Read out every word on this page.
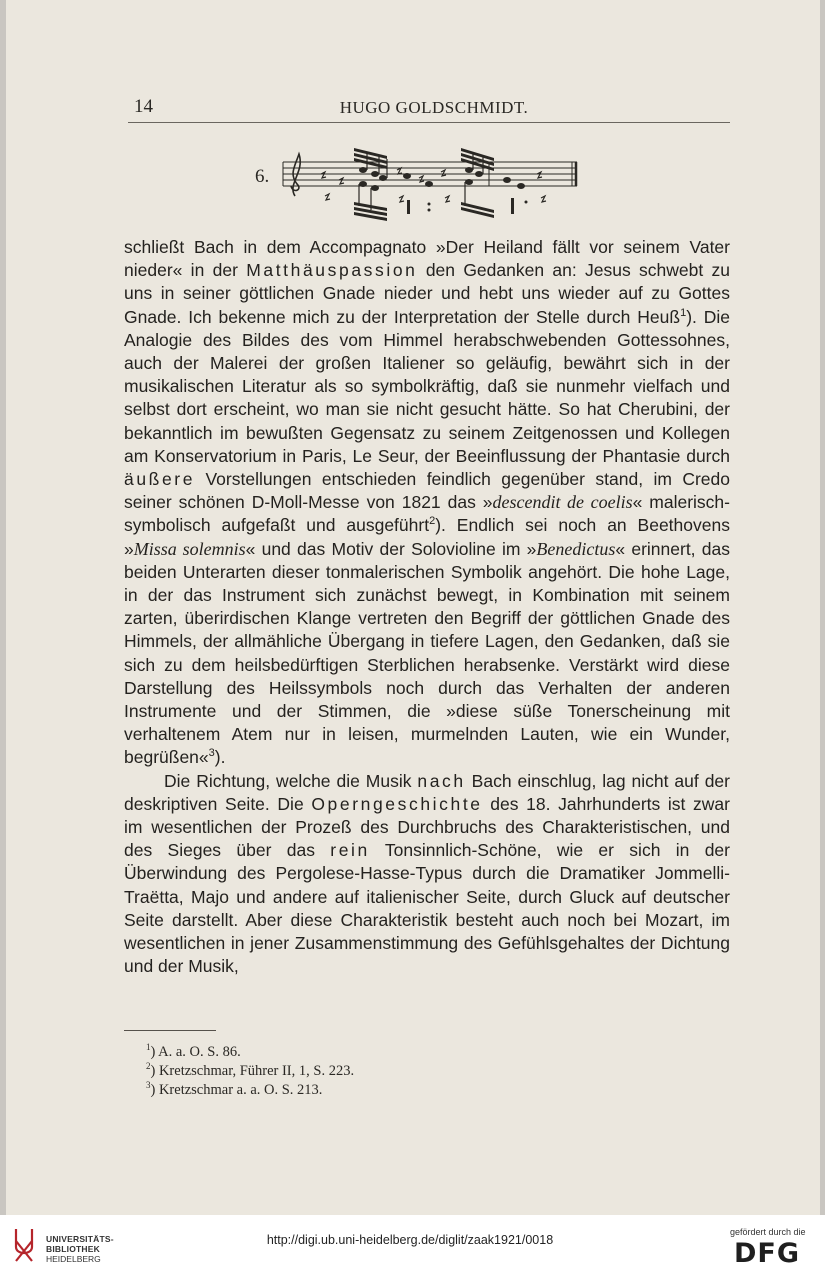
14	HUGO GOLDSCHMIDT.
6.

schließt Bach in dem Accompagnato »Der Heiland fällt vor seinem Vater nieder« in der Matthäuspassion den Gedanken an: Jesus schwebt zu uns in seiner göttlichen Gnade nieder und hebt uns wieder auf zu Gottes Gnade. Ich bekenne mich zu der Interpretation der Stelle durch Heuß$^1$). Die Analogie des Bildes des vom Himmel herabschwebenden Gottessohnes, auch der Malerei der großen Italiener so geläufig, bewährt sich in der musikalischen Literatur als so symbolkräftig, daß sie nunmehr vielfach und selbst dort erscheint, wo man sie nicht gesucht hätte. So hat Cherubini, der bekanntlich im bewußten Gegensatz zu seinem Zeitgenossen und Kollegen am Konservatorium in Paris, Le Seur, der Beeinflussung der Phantasie durch äußere Vorstellungen entschieden feindlich gegenüber stand, im Credo seiner schönen D-Moll-Messe von 1821 das »descendit de coelis« malerisch-symbolisch aufgefaßt und ausgeführt$^2$). Endlich sei noch an Beethovens »Missa solemnis« und das Motiv der Solovioline im »Benedictus« erinnert, das beiden Unterarten dieser tonmalerischen Symbolik angehört. Die hohe Lage, in der das Instrument sich zunächst bewegt, in Kombination mit seinem zarten, überirdischen Klange vertreten den Begriff der göttlichen Gnade des Himmels, der allmähliche Übergang in tiefere Lagen, den Gedanken, daß sie sich zu dem heilsbedürftigen Sterblichen herabsenke. Verstärkt wird diese Darstellung des Heilssymbols noch durch das Verhalten der anderen Instrumente und der Stimmen, die »diese süße Tonerscheinung mit verhaltenem Atem nur in leisen, murmelnden Lauten, wie ein Wunder, begrüßen«$^3$).

Die Richtung, welche die Musik nach Bach einschlug, lag nicht auf der deskriptiven Seite. Die Operngeschichte des 18. Jahrhunderts ist zwar im wesentlichen der Prozeß des Durchbruchs des Charakteristischen, und des Sieges über das rein Tonsinnlich-Schöne, wie er sich in der Überwindung des Pergolese-Hasse-Typus durch die Dramatiker Jommelli-Traëtta, Majo und andere auf italienischer Seite, durch Gluck auf deutscher Seite darstellt. Aber diese Charakteristik besteht auch noch bei Mozart, im wesentlichen in jener Zusammenstimmung des Gefühlsgehaltes der Dichtung und der Musik,

$^1$) A. a. O. S. 86.
$^2$) Kretzschmar, Führer II, 1, S. 223.
$^3$) Kretzschmar a. a. O. S. 213.
UNIVERSITÄTS-
BIBLIOTHEK
HEIDELBERG
http://digi.ub.uni-heidelberg.de/diglit/zaak1921/0018
gefördert durch die
DFG
